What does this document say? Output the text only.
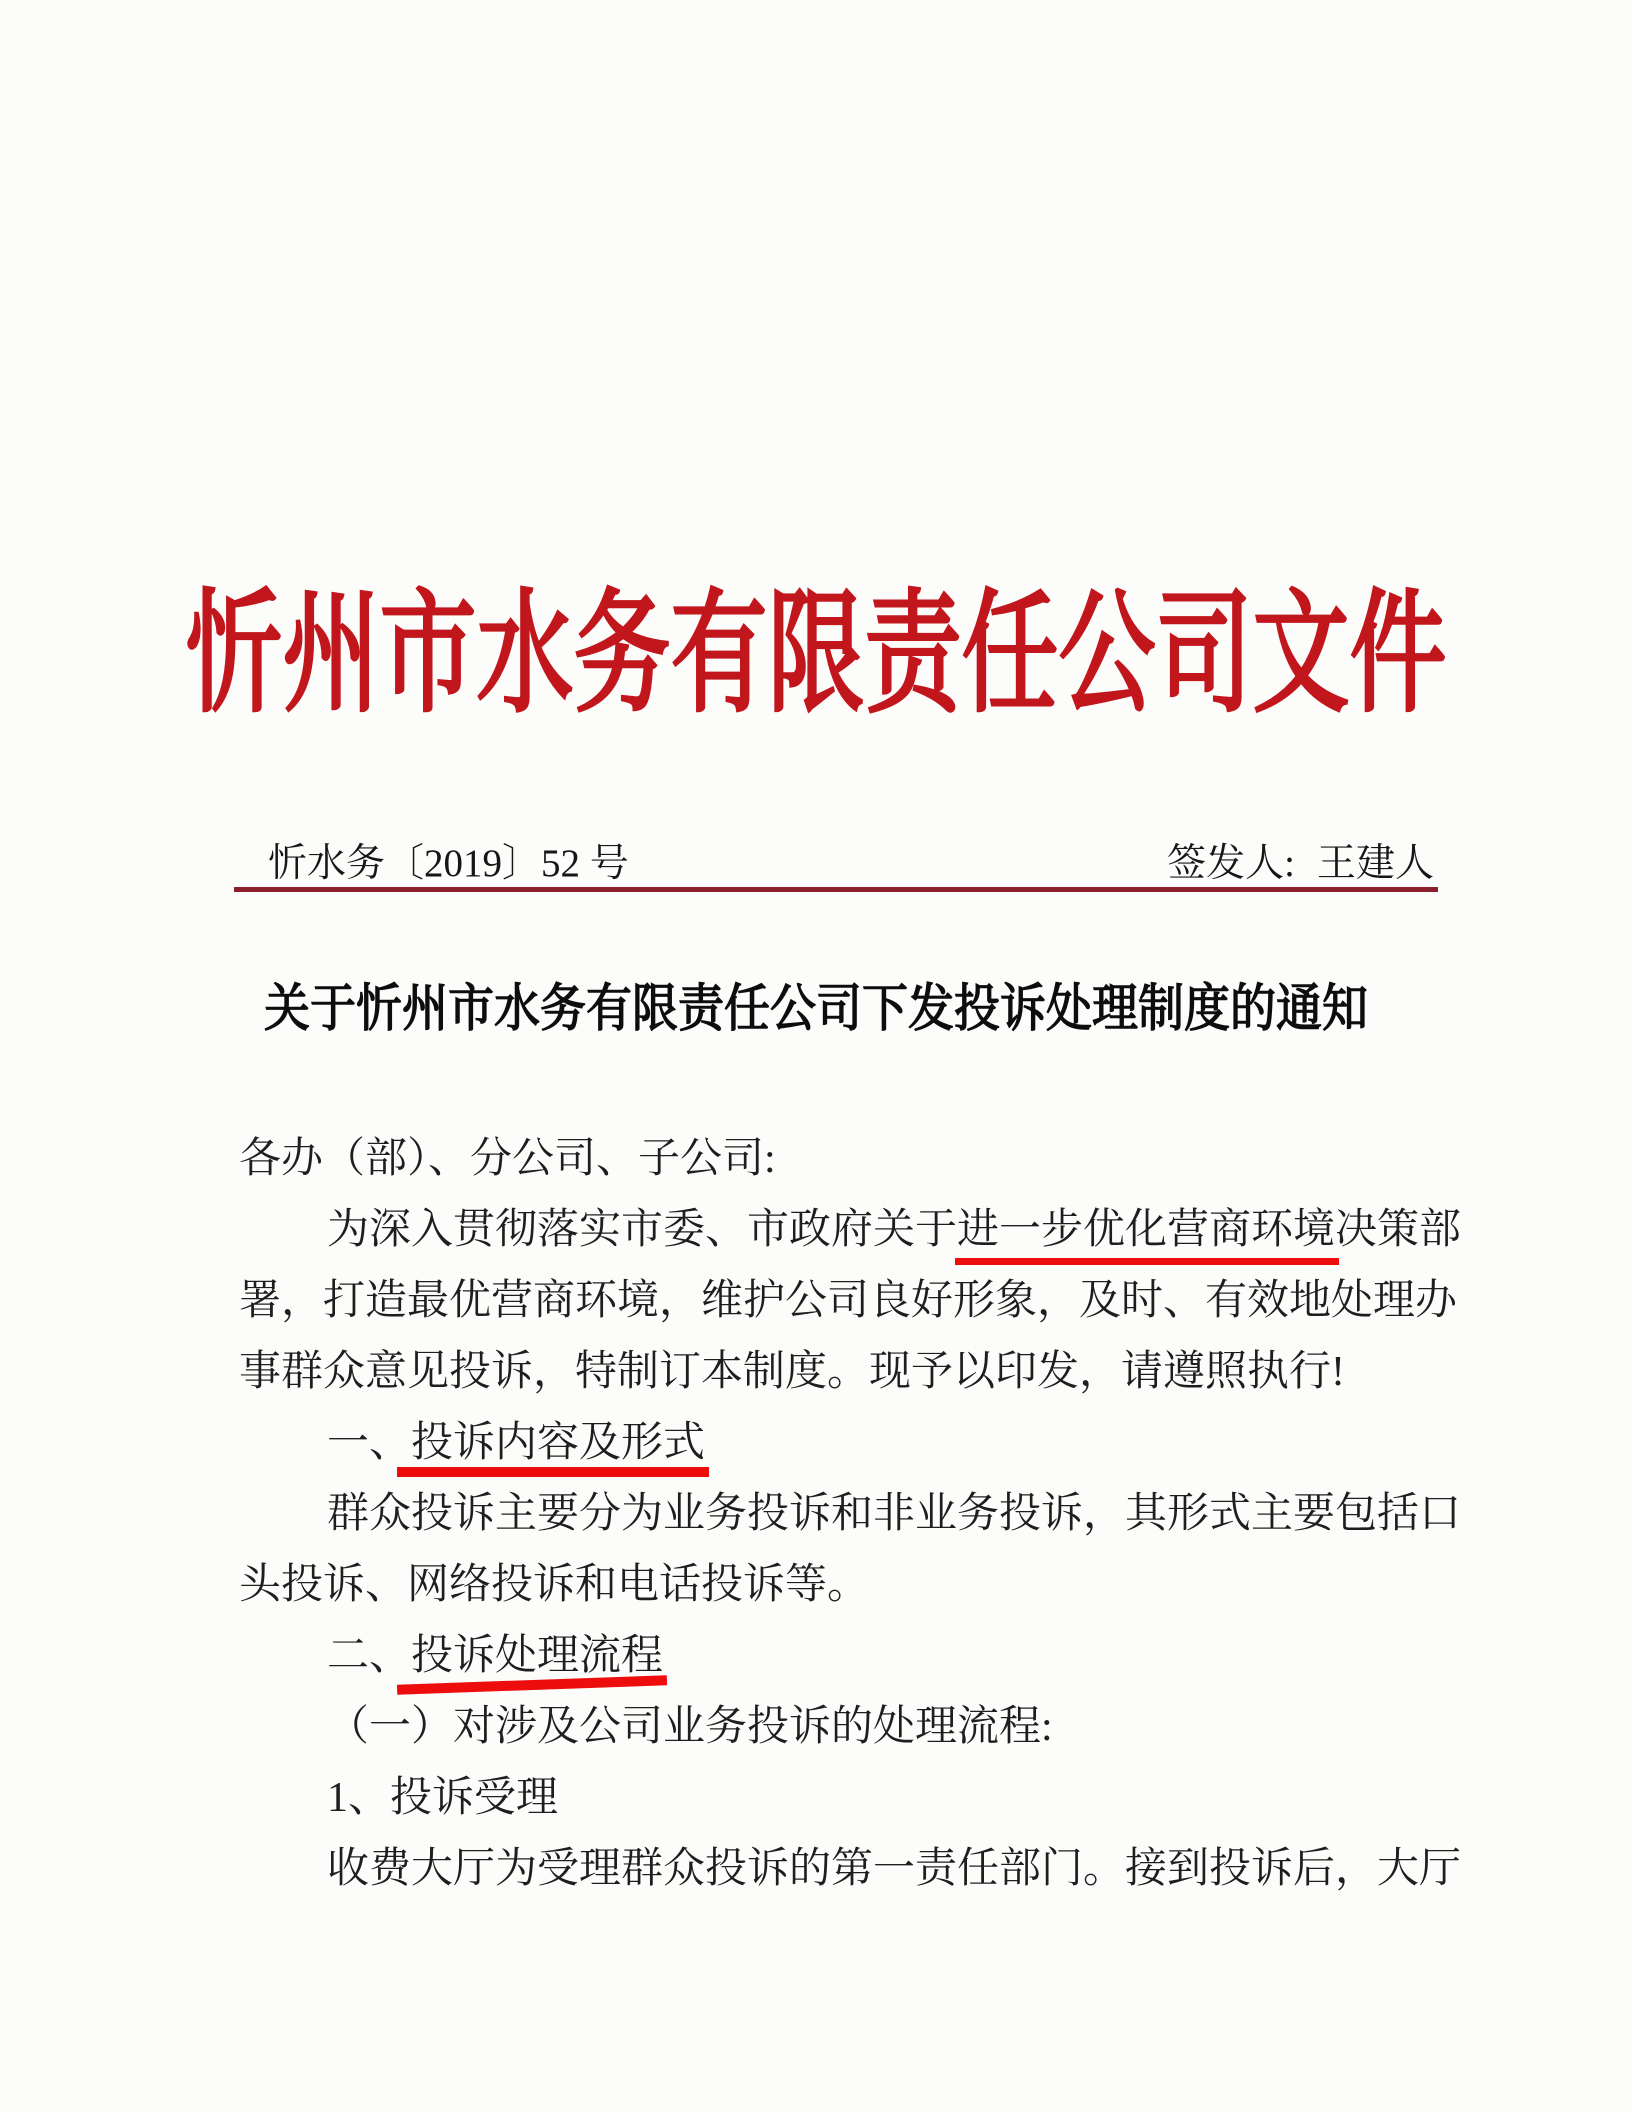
忻州市水务有限责任公司文件
忻水务〔2019〕52 号	签发人: 王建人
关于忻州市水务有限责任公司下发投诉处理制度的通知
各办（部）、分公司、子公司:
为深入贯彻落实市委、市政府关于进一步优化营商环境决策部
署，打造最优营商环境，维护公司良好形象，及时、有效地处理办
事群众意见投诉，特制订本制度。现予以印发，请遵照执行!
一、投诉内容及形式
群众投诉主要分为业务投诉和非业务投诉，其形式主要包括口
头投诉、网络投诉和电话投诉等。
二、投诉处理流程
（一）对涉及公司业务投诉的处理流程:
1、投诉受理
收费大厅为受理群众投诉的第一责任部门。接到投诉后，大厅
